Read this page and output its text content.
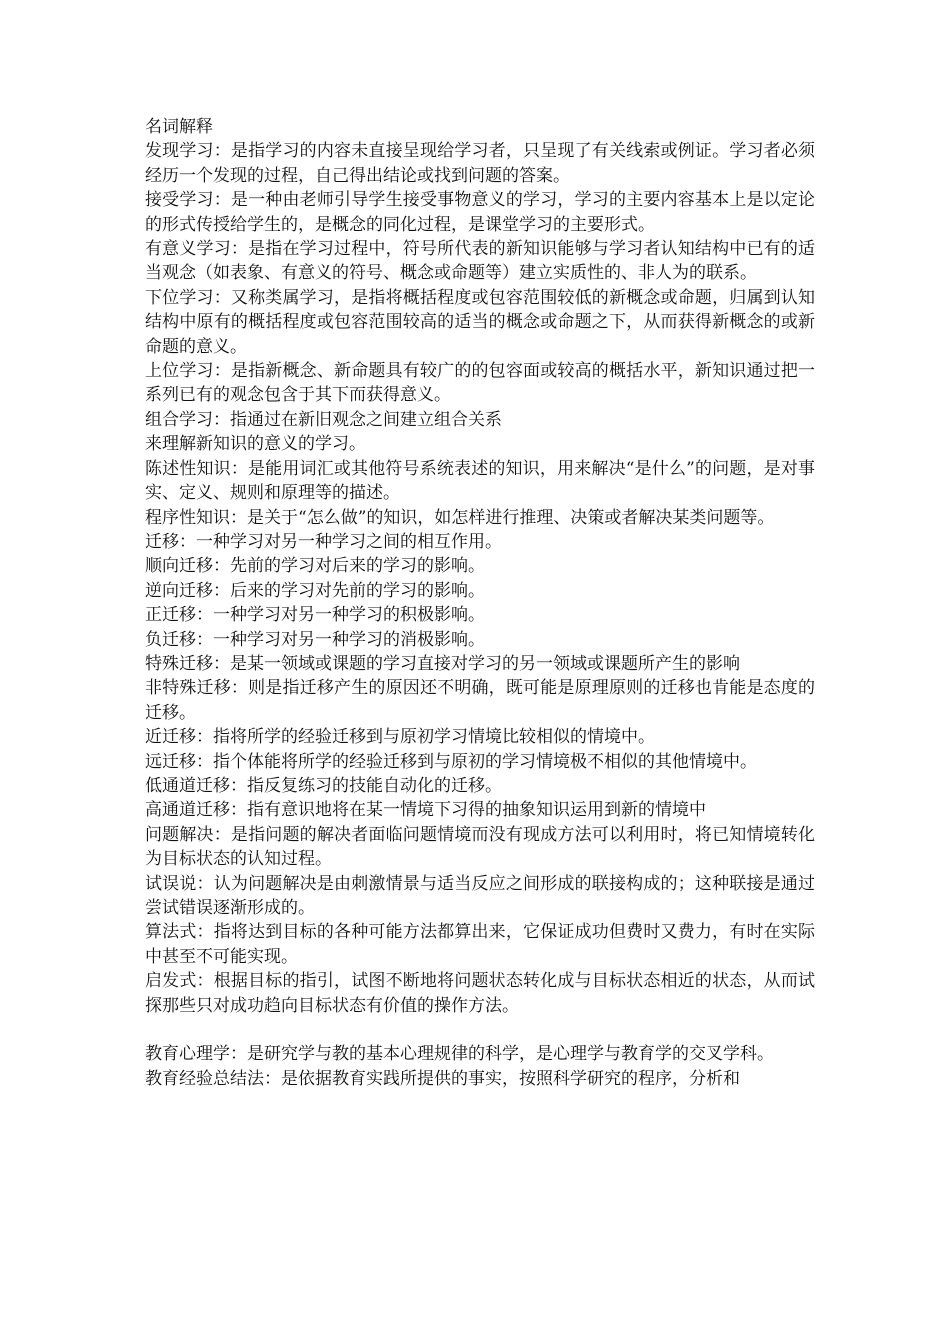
名词解释

发现学习：是指学习的内容未直接呈现给学习者，只呈现了有关线索或例证。学习者必须经历一个发现的过程，自己得出结论或找到问题的答案。

接受学习：是一种由老师引导学生接受事物意义的学习，学习的主要内容基本上是以定论的形式传授给学生的，是概念的同化过程，是课堂学习的主要形式。

有意义学习：是指在学习过程中，符号所代表的新知识能够与学习者认知结构中已有的适当观念（如表象、有意义的符号、概念或命题等）建立实质性的、非人为的联系。

下位学习：又称类属学习，是指将概括程度或包容范围较低的新概念或命题，归属到认知结构中原有的概括程度或包容范围较高的适当的概念或命题之下，从而获得新概念的或新命题的意义。

上位学习：是指新概念、新命题具有较广的的包容面或较高的概括水平，新知识通过把一系列已有的观念包含于其下而获得意义。

组合学习：指通过在新旧观念之间建立组合关系

来理解新知识的意义的学习。

陈述性知识：是能用词汇或其他符号系统表述的知识，用来解决“是什么”的问题，是对事实、定义、规则和原理等的描述。

程序性知识：是关于“怎么做”的知识，如怎样进行推理、决策或者解决某类问题等。

迁移：一种学习对另一种学习之间的相互作用。

顺向迁移：先前的学习对后来的学习的影响。

逆向迁移：后来的学习对先前的学习的影响。

正迁移：一种学习对另一种学习的积极影响。

负迁移：一种学习对另一种学习的消极影响。

特殊迁移：是某一领域或课题的学习直接对学习的另一领域或课题所产生的影响

非特殊迁移：则是指迁移产生的原因还不明确，既可能是原理原则的迁移也肯能是态度的迁移。

近迁移：指将所学的经验迁移到与原初学习情境比较相似的情境中。

远迁移：指个体能将所学的经验迁移到与原初的学习情境极不相似的其他情境中。

低通道迁移：指反复练习的技能自动化的迁移。

高通道迁移：指有意识地将在某一情境下习得的抽象知识运用到新的情境中

问题解决：是指问题的解决者面临问题情境而没有现成方法可以利用时，将已知情境转化为目标状态的认知过程。

试误说：认为问题解决是由刺激情景与适当反应之间形成的联接构成的；这种联接是通过尝试错误逐渐形成的。

算法式：指将达到目标的各种可能方法都算出来，它保证成功但费时又费力，有时在实际中甚至不可能实现。

启发式：根据目标的指引，试图不断地将问题状态转化成与目标状态相近的状态，从而试探那些只对成功趋向目标状态有价值的操作方法。

教育心理学：是研究学与教的基本心理规律的科学，是心理学与教育学的交叉学科。

教育经验总结法：是依据教育实践所提供的事实，按照科学研究的程序，分析和
